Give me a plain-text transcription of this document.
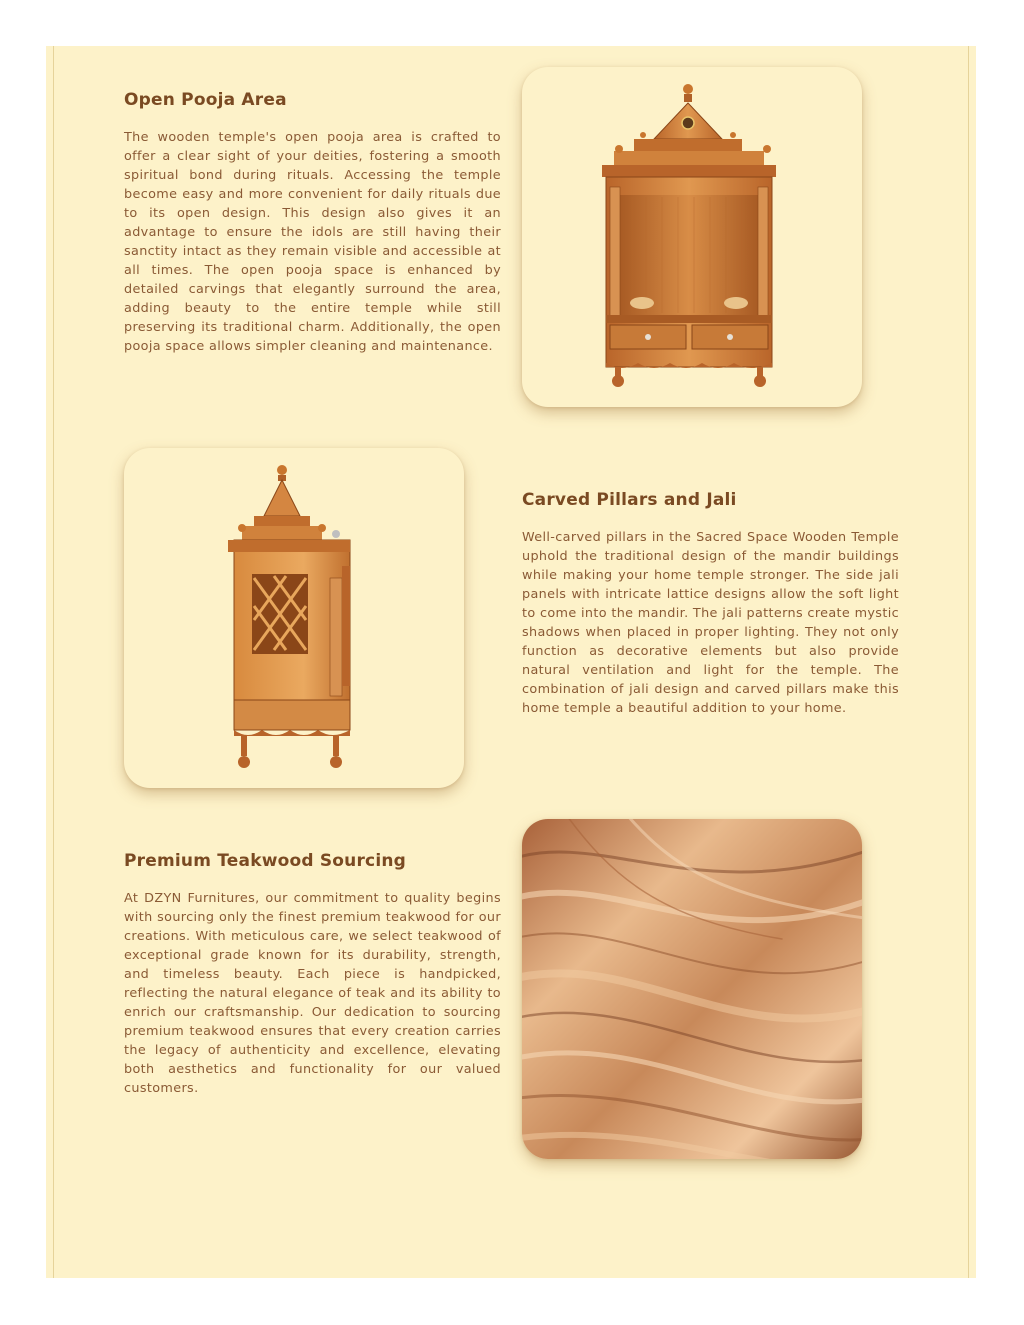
Open Pooja Area

The wooden temple's open pooja area is crafted to offer a clear sight of your deities, fostering a smooth spiritual bond during rituals. Accessing the temple become easy and more convenient for daily rituals due to its open design. This design also gives it an advantage to ensure the idols are still having their sanctity intact as they remain visible and accessible at all times. The open pooja space is enhanced by detailed carvings that elegantly surround the area, adding beauty to the entire temple while still preserving its traditional charm. Additionally, the open pooja space allows simpler cleaning and maintenance.

Carved Pillars and Jali

Well-carved pillars in the Sacred Space Wooden Temple uphold the traditional design of the mandir buildings while making your home temple stronger. The side jali panels with intricate lattice designs allow the soft light to come into the mandir. The jali patterns create mystic shadows when placed in proper lighting. They not only function as decorative elements but also provide natural ventilation and light for the temple. The combination of jali design and carved pillars make this home temple a beautiful addition to your home.

Premium Teakwood Sourcing

At DZYN Furnitures, our commitment to quality begins with sourcing only the finest premium teakwood for our creations. With meticulous care, we select teakwood of exceptional grade known for its durability, strength, and timeless beauty. Each piece is handpicked, reflecting the natural elegance of teak and its ability to enrich our craftsmanship. Our dedication to sourcing premium teakwood ensures that every creation carries the legacy of authenticity and excellence, elevating both aesthetics and functionality for our valued customers.
